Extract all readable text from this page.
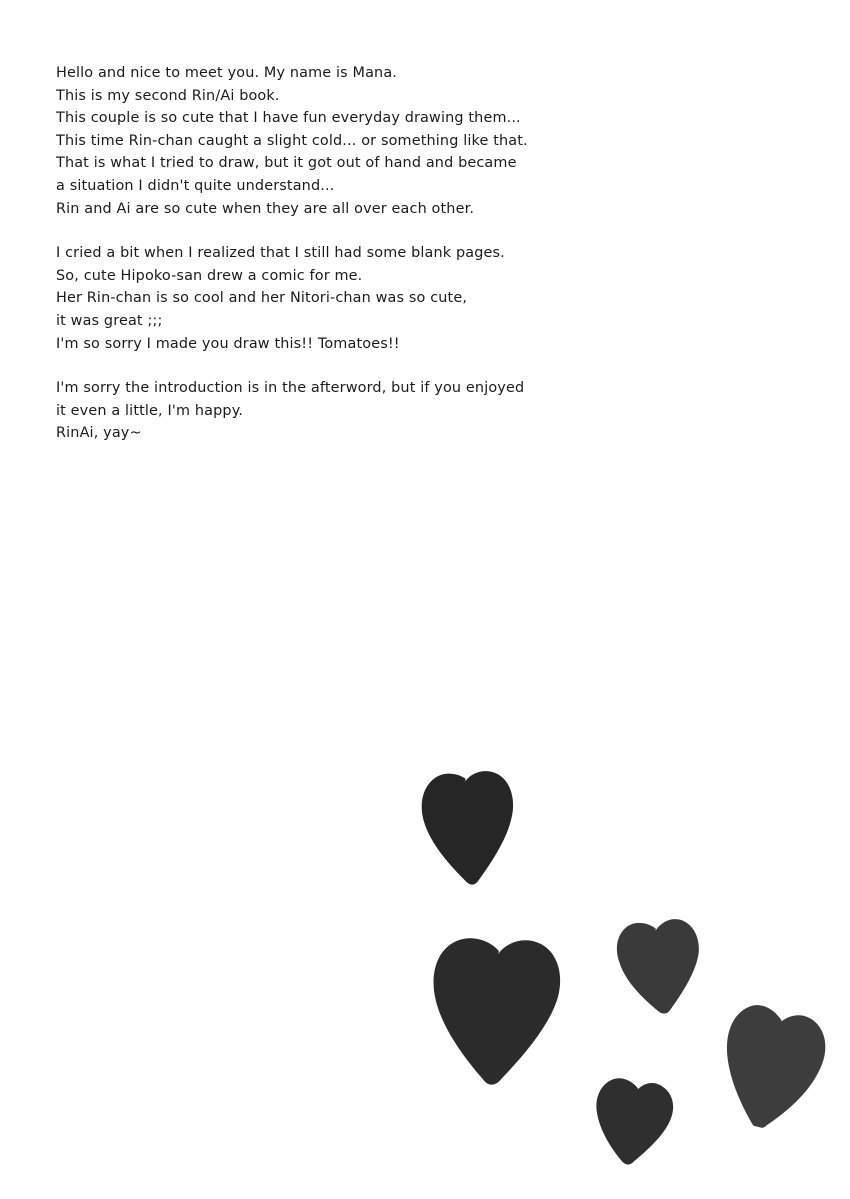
Hello and nice to meet you. My name is Mana.
This is my second Rin/Ai book.
This couple is so cute that I have fun everyday drawing them...
This time Rin-chan caught a slight cold... or something like that.
That is what I tried to draw, but it got out of hand and became
a situation I didn't quite understand...
Rin and Ai are so cute when they are all over each other.

I cried a bit when I realized that I still had some blank pages.
So, cute Hipoko-san drew a comic for me.
Her Rin-chan is so cool and her Nitori-chan was so cute,
it was great ;;;
I'm so sorry I made you draw this!! Tomatoes!!

I'm sorry the introduction is in the afterword, but if you enjoyed
it even a little, I'm happy.
RinAi, yay~
